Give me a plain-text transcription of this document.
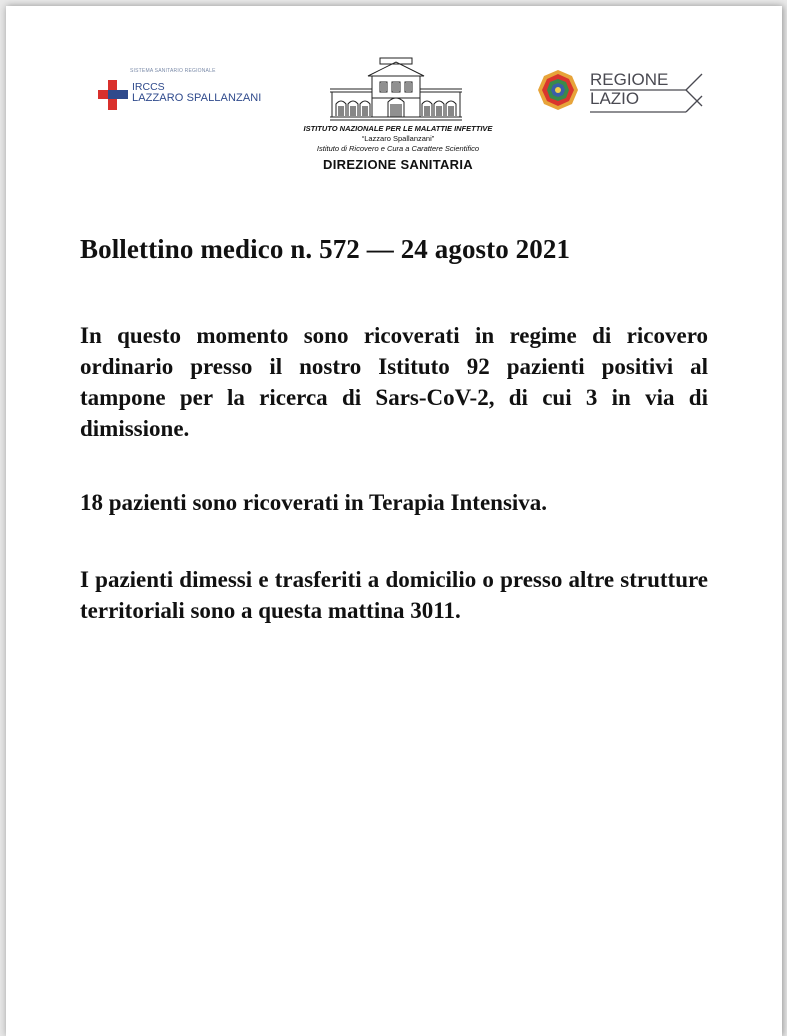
SISTEMA SANITARIO REGIONALE
IRCCS
LAZZARO SPALLANZANI
ISTITUTO NAZIONALE PER LE MALATTIE INFETTIVE
“Lazzaro Spallanzani”
Istituto di Ricovero e Cura a Carattere Scientifico
DIREZIONE SANITARIA
REGIONE
LAZIO
Bollettino medico n. 572 — 24 agosto 2021
In questo momento sono ricoverati in regime di ricovero ordinario presso il nostro Istituto 92 pazienti positivi al tampone per la ricerca di Sars-CoV-2, di cui 3 in via di dimissione.
18 pazienti sono ricoverati in Terapia Intensiva.
I pazienti dimessi e trasferiti a domicilio o presso altre strutture territoriali sono a questa mattina 3011.
